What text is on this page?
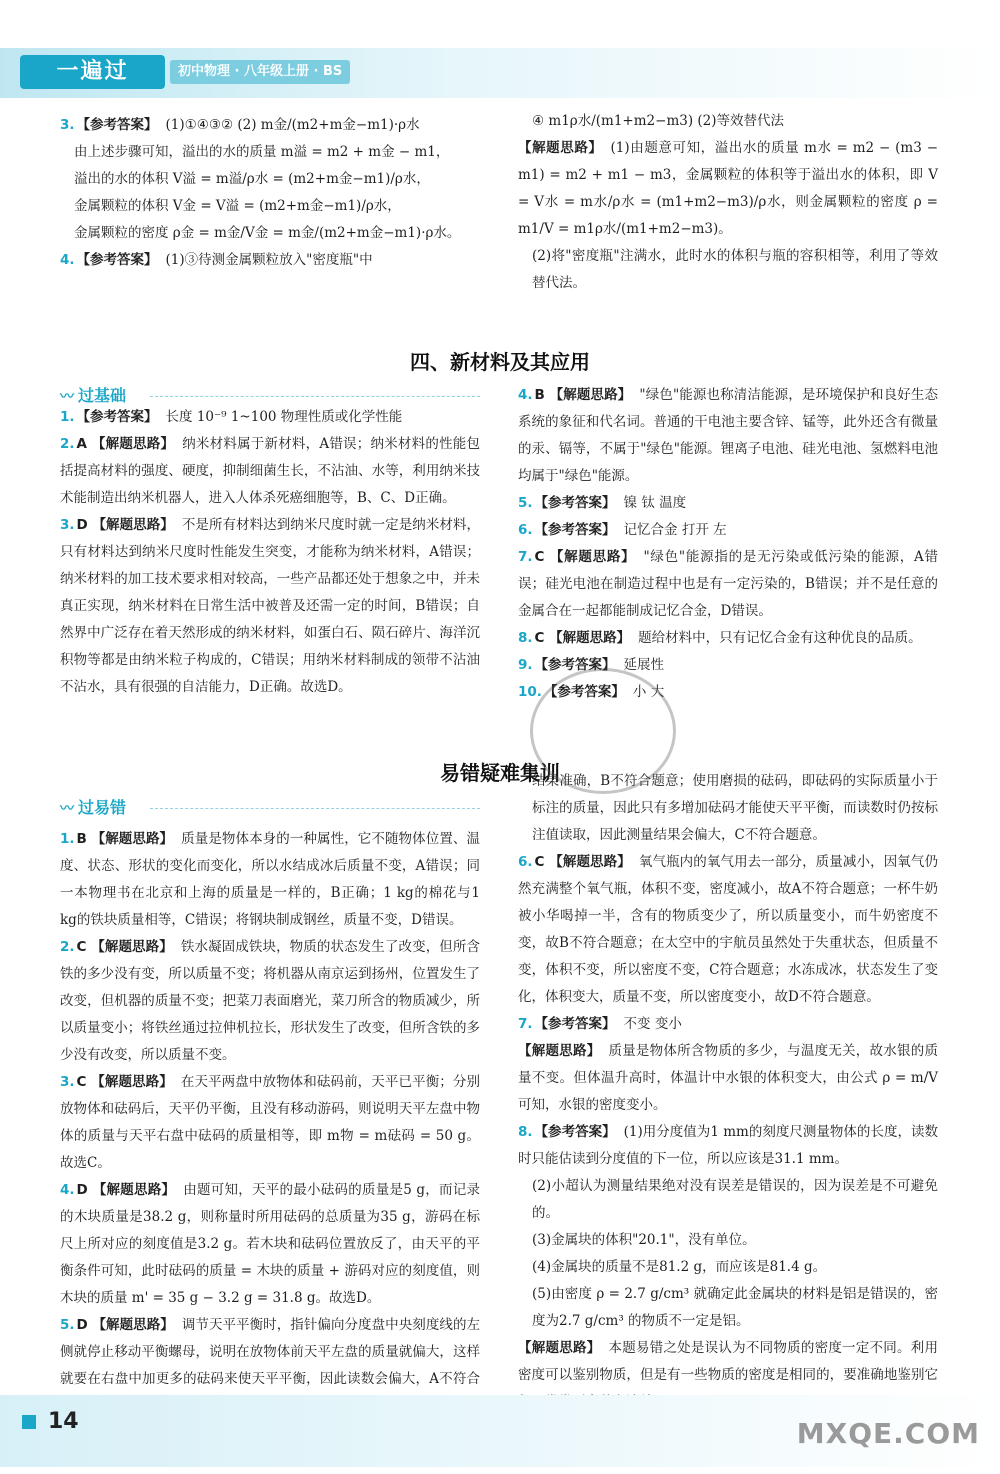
一遍过	初中物理 · 八年级上册 · BS

3. 【参考答案】 (1)①④③② (2) m金/(m2+m金−m1)·ρ水

由上述步骤可知，溢出的水的质量 m溢 = m2 + m金 − m1，

溢出的水的体积 V溢 = m溢/ρ水 = (m2+m金−m1)/ρ水，

金属颗粒的体积 V金 = V溢 = (m2+m金−m1)/ρ水，

金属颗粒的密度 ρ金 = m金/V金 = m金/(m2+m金−m1)·ρ水。

4. 【参考答案】 (1)③待测金属颗粒放入"密度瓶"中

④ m1ρ水/(m1+m2−m3) (2)等效替代法

【解题思路】 (1)由题意可知，溢出水的质量 m水 = m2 − (m3 − m1) = m2 + m1 − m3，金属颗粒的体积等于溢出水的体积，即 V = V水 = m水/ρ水 = (m1+m2−m3)/ρ水，则金属颗粒的密度 ρ = m1/V = m1ρ水/(m1+m2−m3)。

(2)将"密度瓶"注满水，此时水的体积与瓶的容积相等，利用了等效替代法。

四、新材料及其应用
〰 过基础

1. 【参考答案】 长度 10⁻⁹ 1~100 物理性质或化学性能

2. A 【解题思路】 纳米材料属于新材料，A错误；纳米材料的性能包括提高材料的强度、硬度，抑制细菌生长，不沾油、水等，利用纳米技术能制造出纳米机器人，进入人体杀死癌细胞等，B、C、D正确。

3. D 【解题思路】 不是所有材料达到纳米尺度时就一定是纳米材料，只有材料达到纳米尺度时性能发生突变，才能称为纳米材料，A错误；纳米材料的加工技术要求相对较高，一些产品都还处于想象之中，并未真正实现，纳米材料在日常生活中被普及还需一定的时间，B错误；自然界中广泛存在着天然形成的纳米材料，如蛋白石、陨石碎片、海洋沉积物等都是由纳米粒子构成的，C错误；用纳米材料制成的领带不沾油不沾水，具有很强的自洁能力，D正确。故选D。

4. B 【解题思路】 "绿色"能源也称清洁能源，是环境保护和良好生态系统的象征和代名词。普通的干电池主要含锌、锰等，此外还含有微量的汞、镉等，不属于"绿色"能源。锂离子电池、硅光电池、氢燃料电池均属于"绿色"能源。

5. 【参考答案】 镍 钛 温度

6. 【参考答案】 记忆合金 打开 左

7. C 【解题思路】 "绿色"能源指的是无污染或低污染的能源，A错误；硅光电池在制造过程中也是有一定污染的，B错误；并不是任意的金属合在一起都能制成记忆合金，D错误。

8. C 【解题思路】 题给材料中，只有记忆合金有这种优良的品质。

9. 【参考答案】 延展性

10. 【参考答案】 小 大

易错疑难集训
〰 过易错

1. B 【解题思路】 质量是物体本身的一种属性，它不随物体位置、温度、状态、形状的变化而变化，所以水结成冰后质量不变，A错误；同一本物理书在北京和上海的质量是一样的，B正确；1 kg的棉花与1 kg的铁块质量相等，C错误；将钢块制成钢丝，质量不变，D错误。

2. C 【解题思路】 铁水凝固成铁块，物质的状态发生了改变，但所含铁的多少没有变，所以质量不变；将机器从南京运到扬州，位置发生了改变，但机器的质量不变；把菜刀表面磨光，菜刀所含的物质减少，所以质量变小；将铁丝通过拉伸机拉长，形状发生了改变，但所含铁的多少没有改变，所以质量不变。

3. C 【解题思路】 在天平两盘中放物体和砝码前，天平已平衡；分别放物体和砝码后，天平仍平衡，且没有移动游码，则说明天平左盘中物体的质量与天平右盘中砝码的质量相等，即 m物 = m砝码 = 50 g。故选C。

4. D 【解题思路】 由题可知，天平的最小砝码的质量是5 g，而记录的木块质量是38.2 g，则称量时所用砝码的总质量为35 g，游码在标尺上所对应的刻度值是3.2 g。若木块和砝码位置放反了，由天平的平衡条件可知，此时砝码的质量 = 木块的质量 + 游码对应的刻度值，则木块的质量 m' = 35 g − 3.2 g = 31.8 g。故选D。

5. D 【解题思路】 调节天平平衡时，指针偏向分度盘中央刻度线的左侧就停止移动平衡螺母，说明在放物体前天平左盘的质量就偏大，这样就要在右盘中加更多的砝码来使天平平衡，因此读数会偏大，A不符合

结果准确，B不符合题意；使用磨损的砝码，即砝码的实际质量小于标注的质量，因此只有多增加砝码才能使天平平衡，而读数时仍按标注值读取，因此测量结果会偏大，C不符合题意。

6. C 【解题思路】 氧气瓶内的氧气用去一部分，质量减小，因氧气仍然充满整个氧气瓶，体积不变，密度减小，故A不符合题意；一杯牛奶被小华喝掉一半，含有的物质变少了，所以质量变小，而牛奶密度不变，故B不符合题意；在太空中的宇航员虽然处于失重状态，但质量不变，体积不变，所以密度不变，C符合题意；水冻成冰，状态发生了变化，体积变大，质量不变，所以密度变小，故D不符合题意。

7. 【参考答案】 不变 变小

【解题思路】 质量是物体所含物质的多少，与温度无关，故水银的质量不变。但体温升高时，体温计中水银的体积变大，由公式 ρ = m/V 可知，水银的密度变小。

8. 【参考答案】 (1)用分度值为1 mm的刻度尺测量物体的长度，读数时只能估读到分度值的下一位，所以应该是31.1 mm。

(2)小超认为测量结果绝对没有误差是错误的，因为误差是不可避免的。

(3)金属块的体积"20.1"，没有单位。

(4)金属块的质量不是81.2 g，而应该是81.4 g。

(5)由密度 ρ = 2.7 g/cm³ 就确定此金属块的材料是铝是错误的，密度为2.7 g/cm³ 的物质不一定是铝。

【解题思路】 本题易错之处是误认为不同物质的密度一定不同。利用密度可以鉴别物质，但是有一些物质的密度是相同的，要准确地鉴别它

14	MXQE.COM
